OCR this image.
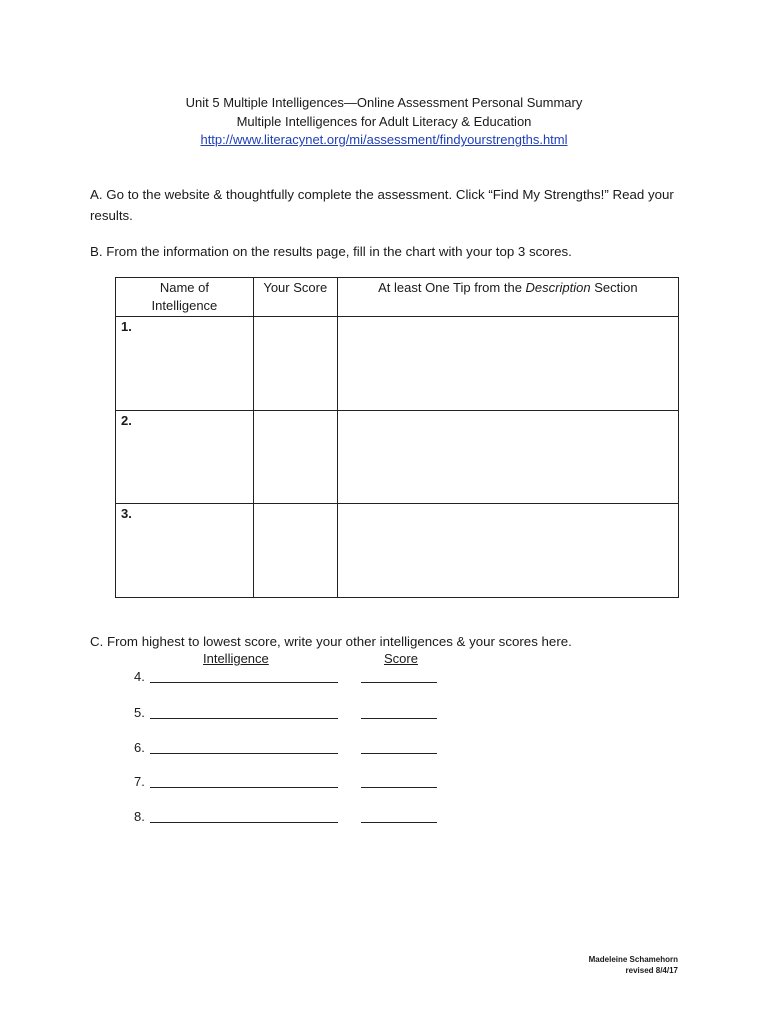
Unit 5 Multiple Intelligences—Online Assessment Personal Summary
Multiple Intelligences for Adult Literacy & Education
http://www.literacynet.org/mi/assessment/findyourstrengths.html
A. Go to the website & thoughtfully complete the assessment. Click “Find My Strengths!” Read your results.
B. From the information on the results page, fill in the chart with your top 3 scores.
Name of
Intelligence	Your Score	At least One Tip from the Description Section
1.		
2.		
3.		
C. From highest to lowest score, write your other intelligences & your scores here.
Intelligence	Score
4.
5.
6.
7.
8.
Madeleine Schamehorn
revised 8/4/17
